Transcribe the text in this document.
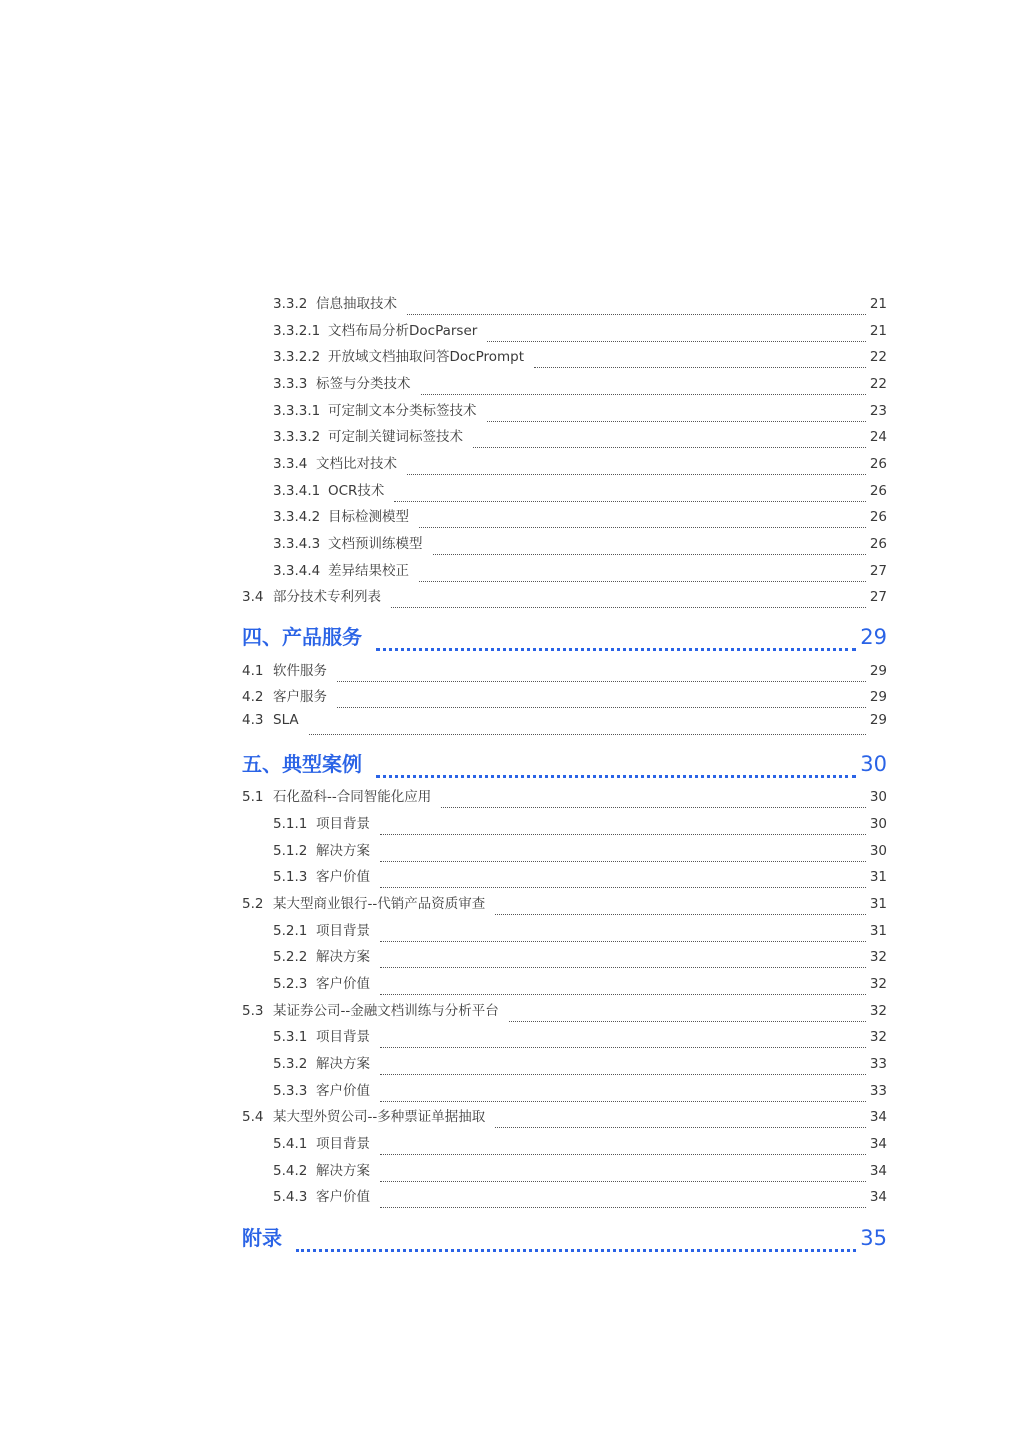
3.3.2 信息抽取技术	21
3.3.2.1 文档布局分析DocParser	21
3.3.2.2 开放域文档抽取问答DocPrompt	22
3.3.3 标签与分类技术	22
3.3.3.1 可定制文本分类标签技术	23
3.3.3.2 可定制关键词标签技术	24
3.3.4 文档比对技术	26
3.3.4.1 OCR技术	26
3.3.4.2 目标检测模型	26
3.3.4.3 文档预训练模型	26
3.3.4.4 差异结果校正	27
3.4 部分技术专利列表	27
四、产品服务	29
4.1 软件服务	29
4.2 客户服务	29
4.3 SLA	29
五、典型案例	30
5.1 石化盈科--合同智能化应用	30
5.1.1 项目背景	30
5.1.2 解决方案	30
5.1.3 客户价值	31
5.2 某大型商业银行--代销产品资质审查	31
5.2.1 项目背景	31
5.2.2 解决方案	32
5.2.3 客户价值	32
5.3 某证券公司--金融文档训练与分析平台	32
5.3.1 项目背景	32
5.3.2 解决方案	33
5.3.3 客户价值	33
5.4 某大型外贸公司--多种票证单据抽取	34
5.4.1 项目背景	34
5.4.2 解决方案	34
5.4.3 客户价值	34
附录	35
